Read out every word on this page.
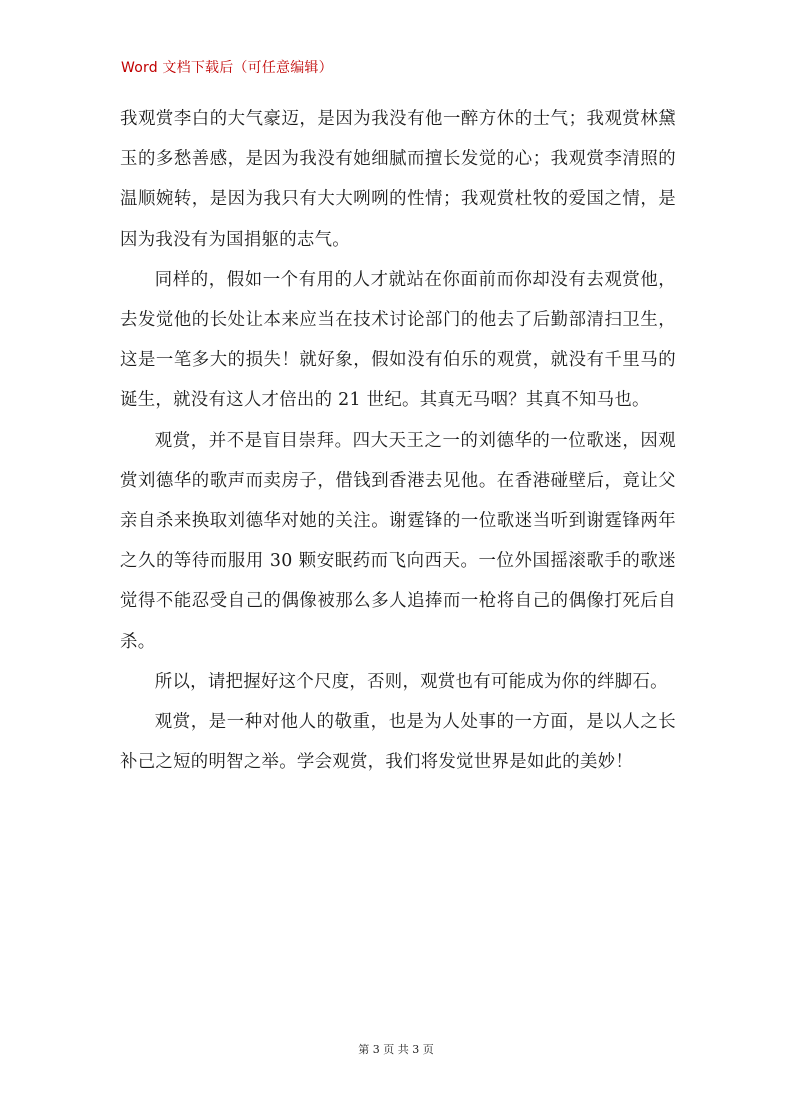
Word 文档下载后（可任意编辑）

我观赏李白的大气豪迈，是因为我没有他一醉方休的士气；我观赏林黛玉的多愁善感，是因为我没有她细腻而擅长发觉的心；我观赏李清照的温顺婉转，是因为我只有大大咧咧的性情；我观赏杜牧的爱国之情，是因为我没有为国捐躯的志气。

同样的，假如一个有用的人才就站在你面前而你却没有去观赏他，去发觉他的长处让本来应当在技术讨论部门的他去了后勤部清扫卫生，这是一笔多大的损失！就好象，假如没有伯乐的观赏，就没有千里马的诞生，就没有这人才倍出的 21 世纪。其真无马咽？其真不知马也。

观赏，并不是盲目崇拜。四大天王之一的刘德华的一位歌迷，因观赏刘德华的歌声而卖房子，借钱到香港去见他。在香港碰壁后，竟让父亲自杀来换取刘德华对她的关注。谢霆锋的一位歌迷当听到谢霆锋两年之久的等待而服用 30 颗安眠药而飞向西天。一位外国摇滚歌手的歌迷觉得不能忍受自己的偶像被那么多人追捧而一枪将自己的偶像打死后自杀。

所以，请把握好这个尺度，否则，观赏也有可能成为你的绊脚石。

观赏，是一种对他人的敬重，也是为人处事的一方面，是以人之长补己之短的明智之举。学会观赏，我们将发觉世界是如此的美妙！

第 3 页 共 3 页
